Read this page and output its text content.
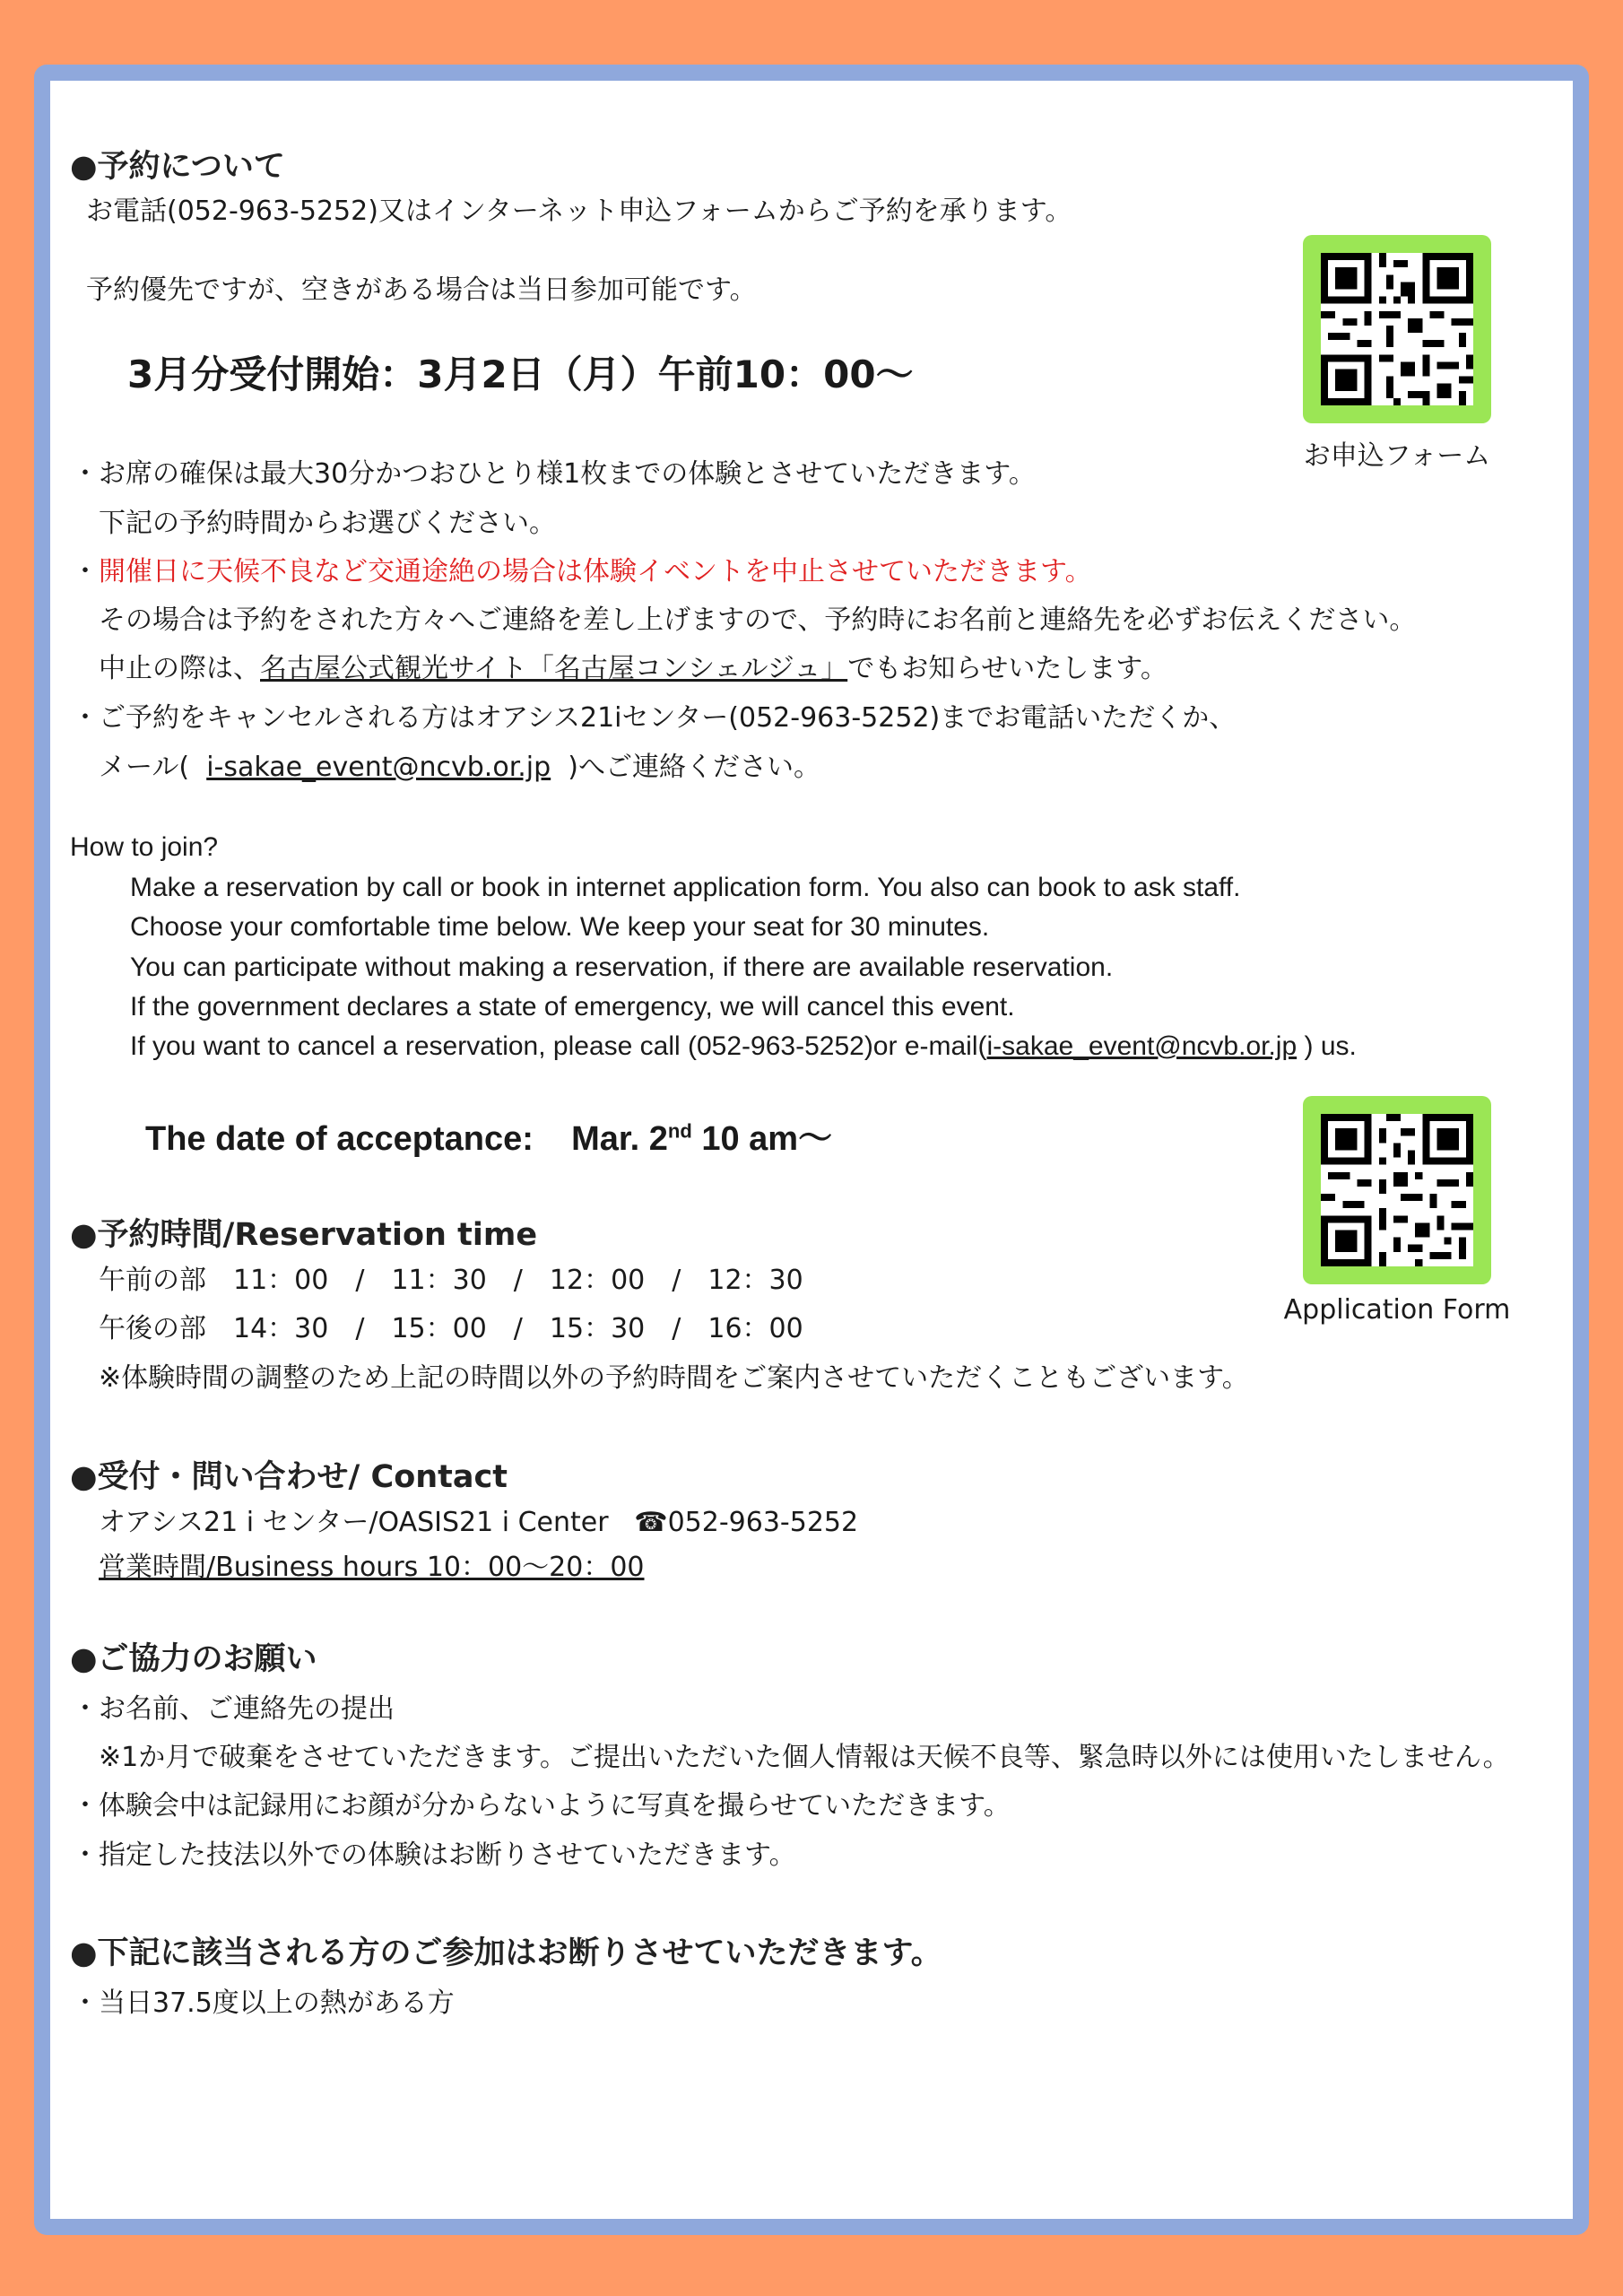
●予約について
お電話(052-963-5252)又はインターネット申込フォームからご予約を承ります。
予約優先ですが、空きがある場合は当日参加可能です。
3月分受付開始：3月2日（月）午前10：00～
・お席の確保は最大30分かつおひとり様1枚までの体験とさせていただきます。
下記の予約時間からお選びください。
・開催日に天候不良など交通途絶の場合は体験イベントを中止させていただきます。
その場合は予約をされた方々へご連絡を差し上げますので、予約時にお名前と連絡先を必ずお伝えください。
中止の際は、名古屋公式観光サイト「名古屋コンシェルジュ」でもお知らせいたします。
・ご予約をキャンセルされる方はオアシス21iセンター(052-963-5252)までお電話いただくか、
メール( i-sakae_event@ncvb.or.jp )へご連絡ください。
お申込フォーム
How to join?
Make a reservation by call or book in internet application form. You also can book to ask staff.
Choose your comfortable time below. We keep your seat for 30 minutes.
You can participate without making a reservation, if there are available reservation.
If the government declares a state of emergency, we will cancel this event.
If you want to cancel a reservation, please call (052-963-5252)or e-mail(i-sakae_event@ncvb.or.jp ) us.
The date of acceptance: Mar. 2nd 10 am～
Application Form
●予約時間/Reservation time
午前の部　11：00　/　11：30　/　12：00　/　12：30
午後の部　14：30　/　15：00　/　15：30　/　16：00
※体験時間の調整のため上記の時間以外の予約時間をご案内させていただくこともございます。
●受付・問い合わせ/ Contact
オアシス21 i センター/OASIS21 i Center ☎052-963-5252
営業時間/Business hours 10：00～20：00
●ご協力のお願い
・お名前、ご連絡先の提出
※1か月で破棄をさせていただきます。ご提出いただいた個人情報は天候不良等、緊急時以外には使用いたしません。
・体験会中は記録用にお顔が分からないように写真を撮らせていただきます。
・指定した技法以外での体験はお断りさせていただきます。
●下記に該当される方のご参加はお断りさせていただきます。
・当日37.5度以上の熱がある方
